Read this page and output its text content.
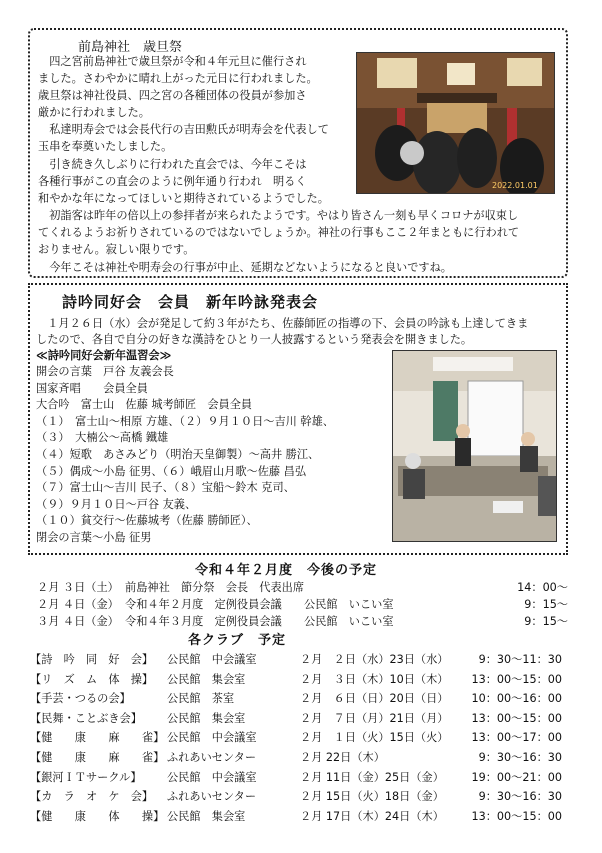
前島神社　歳旦祭
　四之宮前島神社で歳旦祭が令和４年元旦に催行され
ました。さわやかに晴れ上がった元日に行われました。
歳旦祭は神社役員、四之宮の各種団体の役員が参加さ
厳かに行われました。
　私達明寿会では会長代行の吉田勲氏が明寿会を代表して
玉串を奉奠いたしました。
　引き続き久しぶりに行われた直会では、今年こそは
各種行事がこの直会のように例年通り行われ　明るく
和やかな年になってほしいと期待されているようでした。
　初詣客は昨年の倍以上の参拝者が来られたようです。やはり皆さん一刻も早くコロナが収束し
てくれるようお祈りされているのではないでしょうか。神社の行事もここ２年まともに行われて
おりません。寂しい限りです。
　今年こそは神社や明寿会の行事が中止、延期などないようになると良いですね。
2022.01.01
詩吟同好会　会員　新年吟詠発表会
　１月２６日（水）会が発足して約３年がたち、佐藤師匠の指導の下、会員の吟詠も上達してきま
したので、各自で自分の好きな漢詩をひとり一人披露するという発表会を開きました。
≪詩吟同好会新年温習会≫
開会の言葉　戸谷 友義会長
国家斉唱　　会員全員
大合吟　富士山　佐藤 城考師匠　会員全員
（１）　富士山～相原 方雄、（２）９月１０日～吉川 幹雄、
（３）　大楠公～高橋 鐵雄
（４）短歌　あさみどり（明治天皇御製）～高井 勝江、
（５）偶成～小島 征男、（６）峨眉山月歌～佐藤 昌弘
（７）富士山～吉川 民子、（８）宝船～鈴木 克司、
（９）９月１０日～戸谷 友義、
（１０）貧交行～佐藤城考（佐藤 勝師匠）、
閉会の言葉～小島 征男
令和４年２月度　今後の予定
２月 ３日（土） 前島神社　節分祭　会長　代表出席	14：00～
２月 ４日（金） 令和４年２月度　定例役員会議　　公民館　いこい室	9：15～
３月 ４日（金） 令和４年３月度　定例役員会議　　公民館　いこい室	9：15～
各クラブ　予定
【詩　吟　同　好　会】 公民館　中会議室	２月　２日（水）23日（水）	9：30～11：30
【リ　ズ　ム　体　操】 公民館　集会室	２月　３日（木）10日（木） 13：00～15：00
【手芸・つるの会】	公民館　茶室	２月　６日（日）20日（日） 10：00～16：00
【民舞・ことぶき会】 公民館　集会室	２月　７日（月）21日（月） 13：00～15：00
【健　　康　　麻　　雀】 公民館　中会議室	２月　１日（火）15日（火） 13：00～17：00
【健　　康　　麻　　雀】 ふれあいセンター	２月 22日（木）	9：30～16：30
【銀河ＩＴサークル】 公民館　中会議室	２月 11日（金）25日（金） 19：00～21：00
【カ　ラ　オ　ケ　会】 ふれあいセンター	２月 15日（火）18日（金）	9：30～16：30
【健　　康　　体　　操】 公民館　集会室	２月 17日（木）24日（木） 13：00～15：00
